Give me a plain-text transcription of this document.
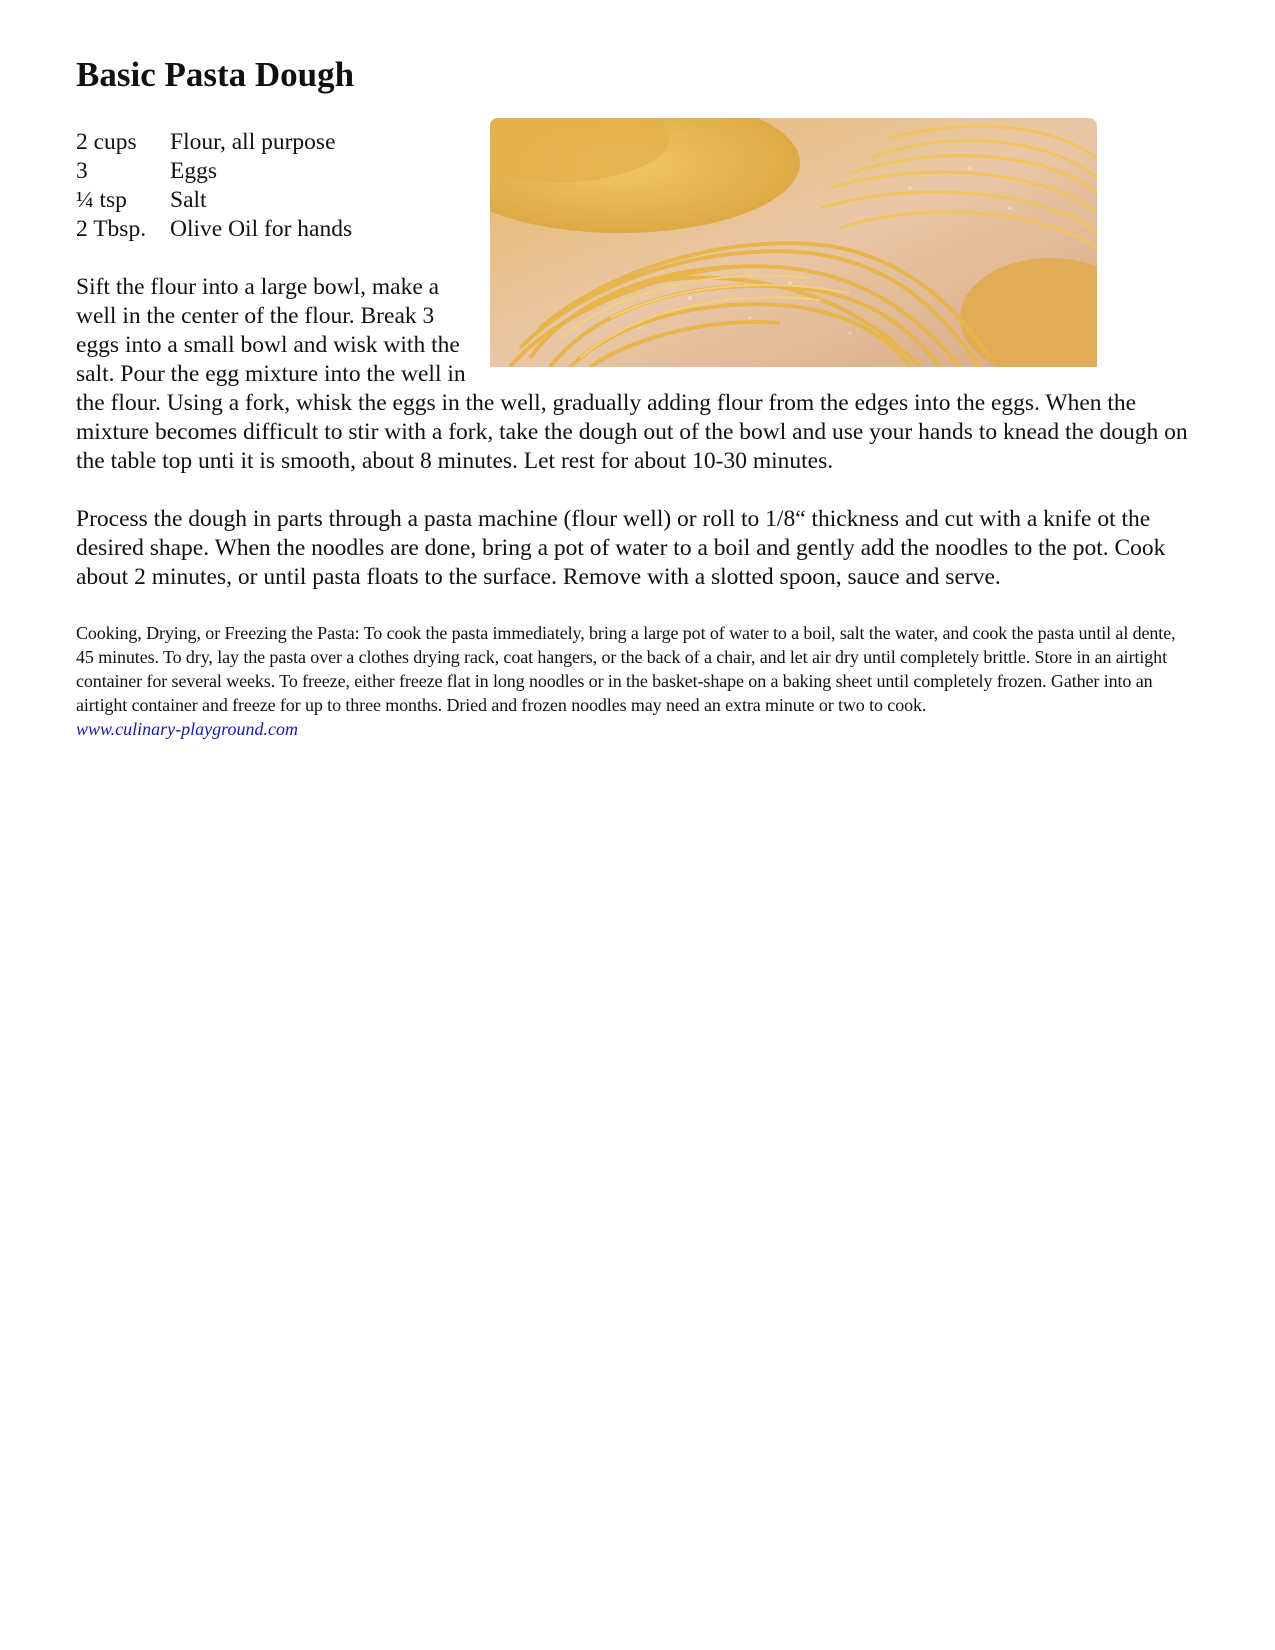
Basic Pasta Dough
2 cups	Flour, all purpose
3	Eggs
¼ tsp	Salt
2 Tbsp.	Olive Oil for hands

Sift the flour into a large bowl, make a well in the center of the flour. Break 3 eggs into a small bowl and wisk with the salt. Pour the egg mixture into the well in the flour. Using a fork, whisk the eggs in the well, gradually adding flour from the edges into the eggs. When the mixture becomes difficult to stir with a fork, take the dough out of the bowl and use your hands to knead the dough on the table top unti it is smooth, about 8 minutes. Let rest for about 10-30 minutes.

Process the dough in parts through a pasta machine (flour well) or roll to 1/8“ thickness and cut with a knife ot the desired shape. When the noodles are done, bring a pot of water to a boil and gently add the noodles to the pot. Cook about 2 minutes, or until pasta floats to the surface. Remove with a slotted spoon, sauce and serve.

Cooking, Drying, or Freezing the Pasta: To cook the pasta immediately, bring a large pot of water to a boil, salt the water, and cook the pasta until al dente, 45 minutes. To dry, lay the pasta over a clothes drying rack, coat hangers, or the back of a chair, and let air dry until completely brittle. Store in an airtight container for several weeks. To freeze, either freeze flat in long noodles or in the basket-shape on a baking sheet until completely frozen. Gather into an airtight container and freeze for up to three months. Dried and frozen noodles may need an extra minute or two to cook.
www.culinary-playground.com
